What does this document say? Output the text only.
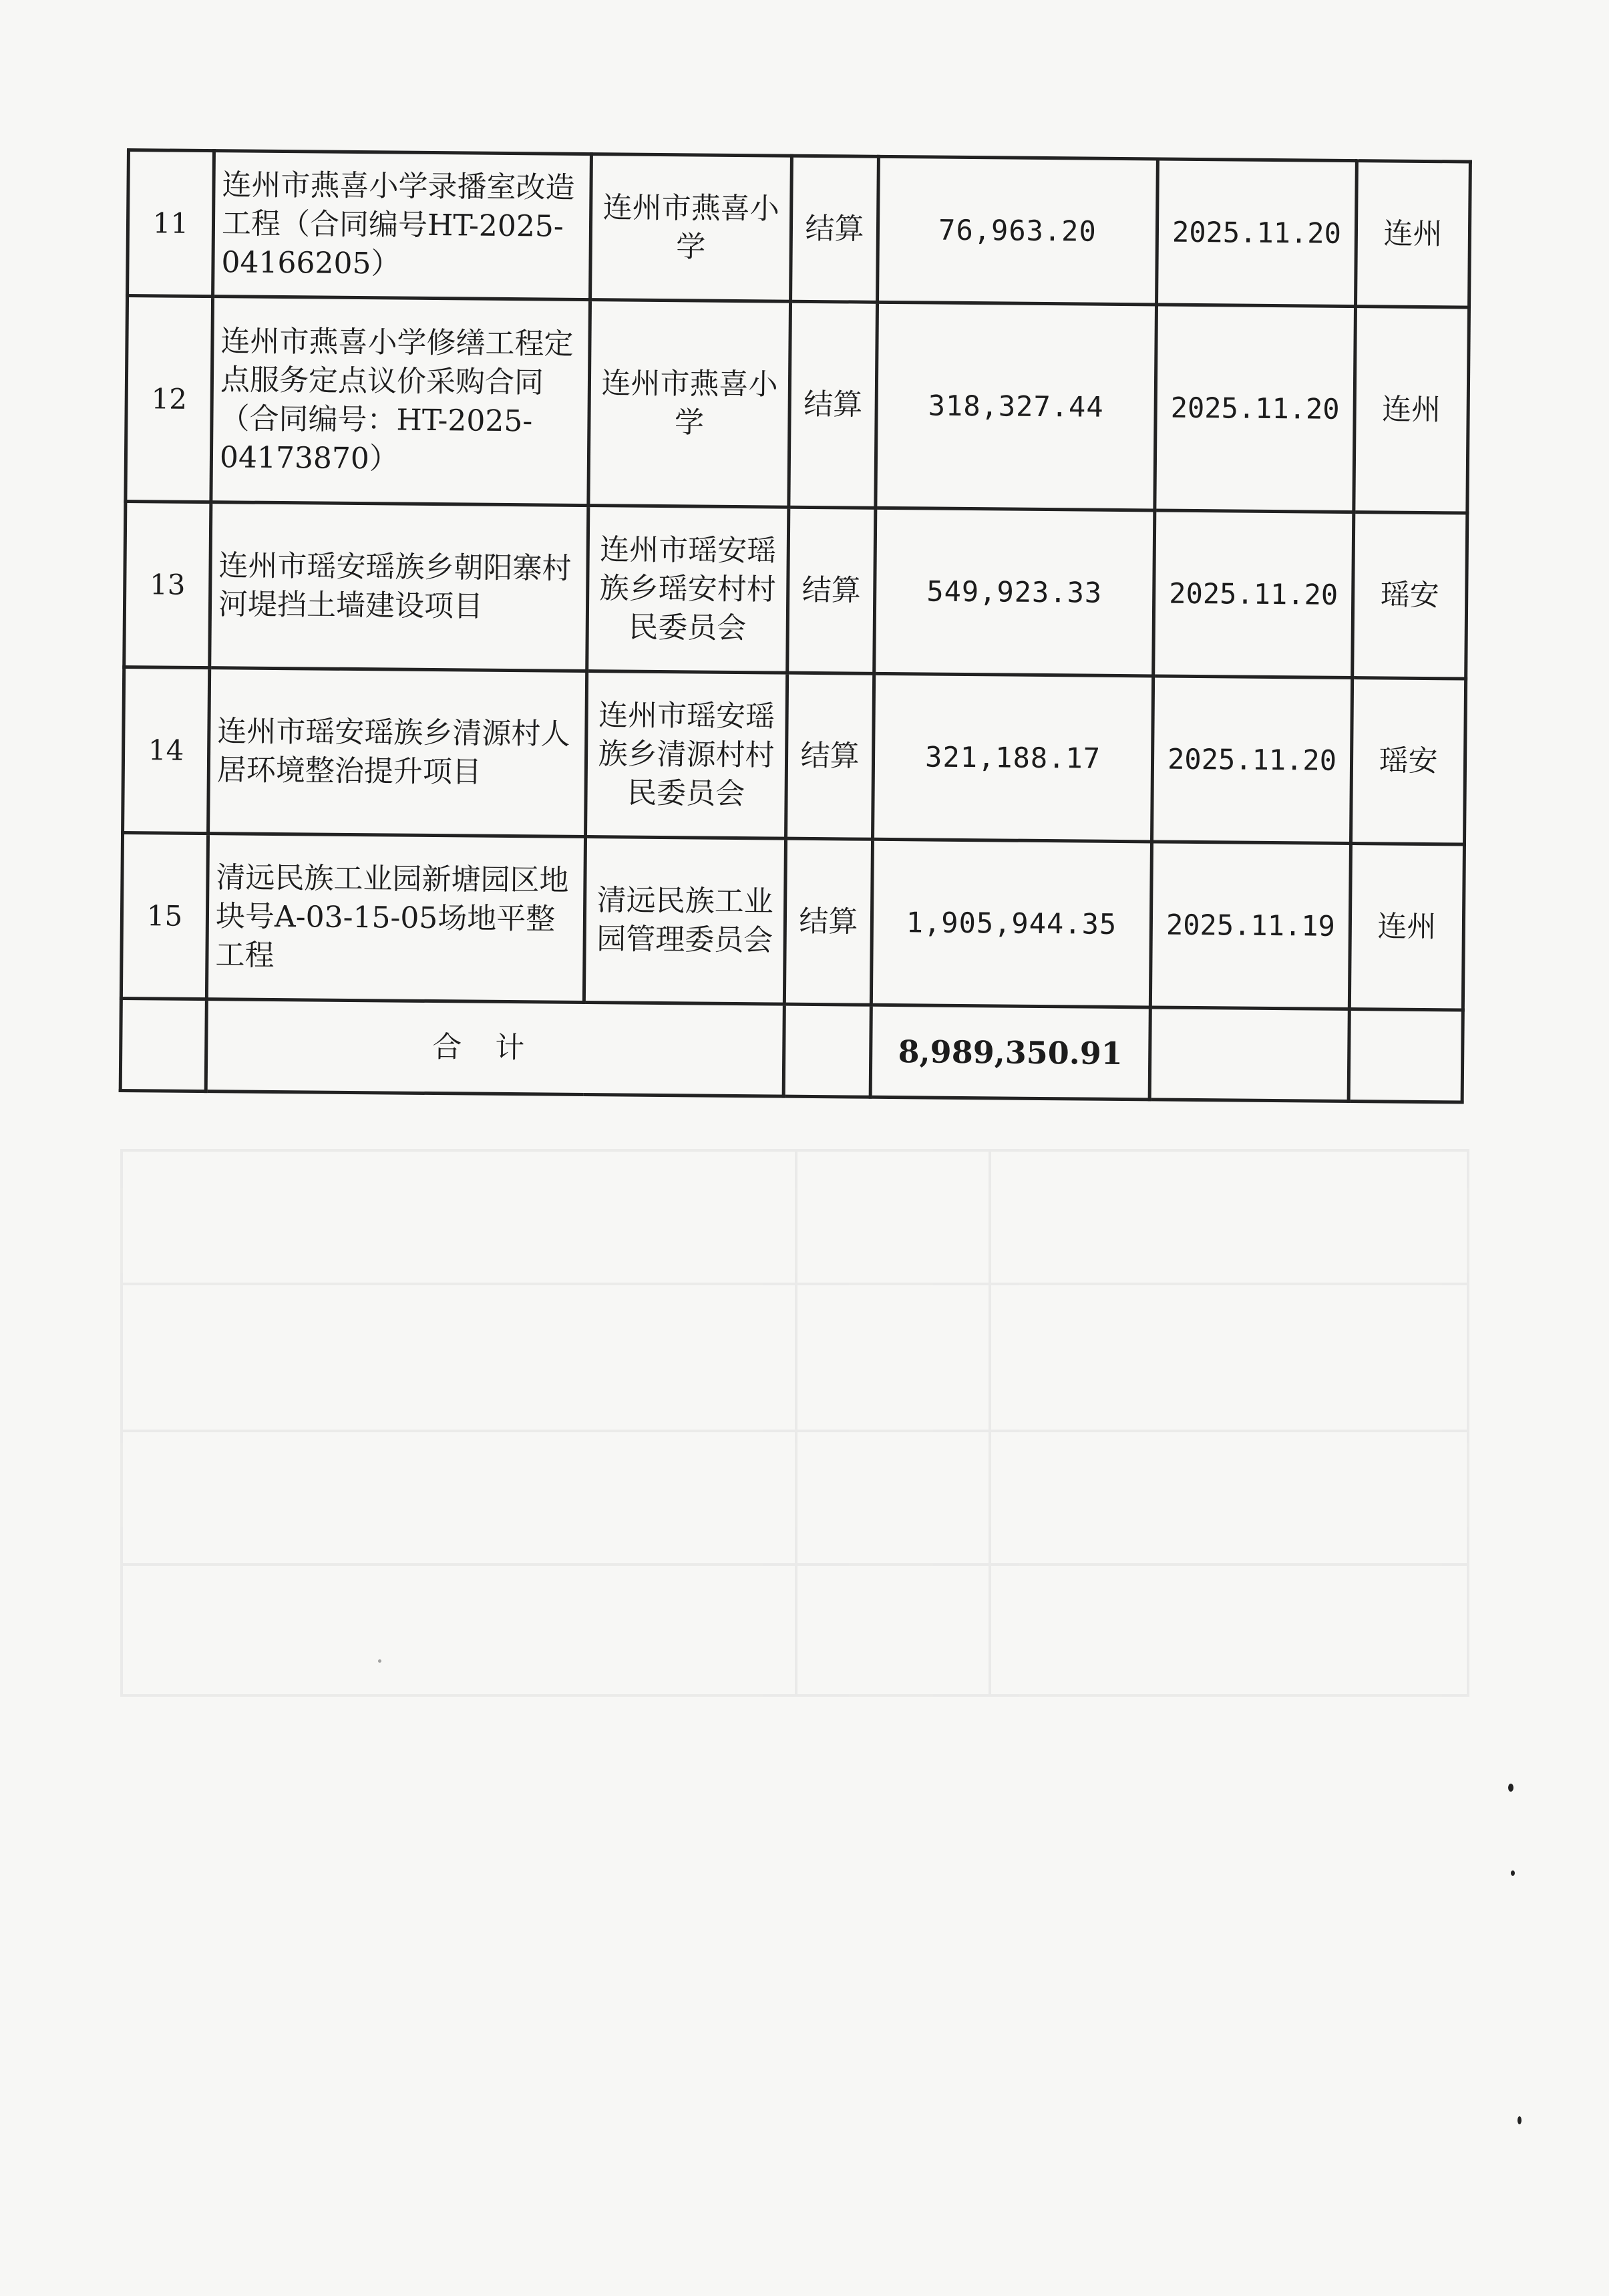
11	连州市燕喜小学录播室改造工程（合同编号HT-2025-04166205）	连州市燕喜小学	结算	76,963.20	2025.11.20	连州
12	连州市燕喜小学修缮工程定点服务定点议价采购合同（合同编号：HT-2025-04173870）	连州市燕喜小学	结算	318,327.44	2025.11.20	连州
13	连州市瑶安瑶族乡朝阳寨村河堤挡土墙建设项目	连州市瑶安瑶族乡瑶安村村民委员会	结算	549,923.33	2025.11.20	瑶安
14	连州市瑶安瑶族乡清源村人居环境整治提升项目	连州市瑶安瑶族乡清源村村民委员会	结算	321,188.17	2025.11.20	瑶安
15	清远民族工业园新塘园区地块号A-03-15-05场地平整工程	清远民族工业园管理委员会	结算	1,905,944.35	2025.11.19	连州
	合计			8,989,350.91		
